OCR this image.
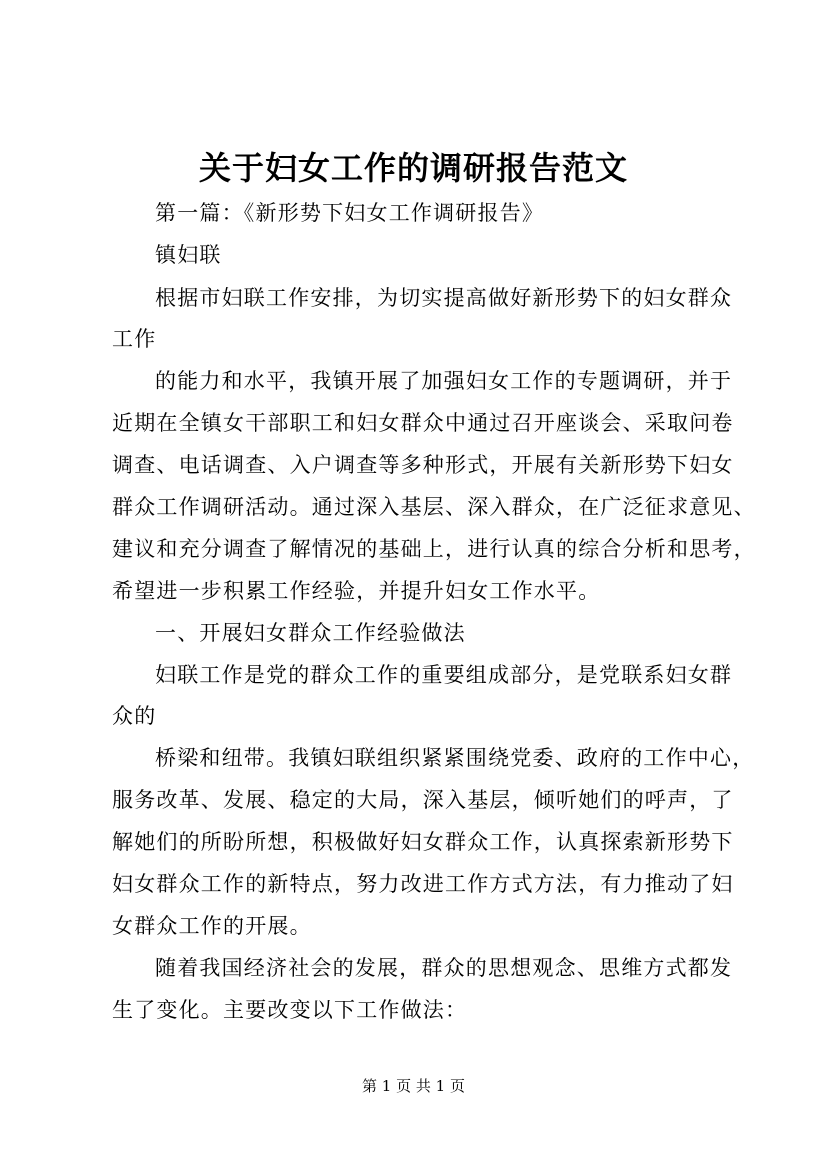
关于妇女工作的调研报告范文
第一篇：《新形势下妇女工作调研报告》
镇妇联
根据市妇联工作安排，为切实提高做好新形势下的妇女群众
工作
的能力和水平，我镇开展了加强妇女工作的专题调研，并于
近期在全镇女干部职工和妇女群众中通过召开座谈会、采取问卷
调查、电话调查、入户调查等多种形式，开展有关新形势下妇女
群众工作调研活动。通过深入基层、深入群众，在广泛征求意见、
建议和充分调查了解情况的基础上，进行认真的综合分析和思考，
希望进一步积累工作经验，并提升妇女工作水平。
一、开展妇女群众工作经验做法
妇联工作是党的群众工作的重要组成部分，是党联系妇女群
众的
桥梁和纽带。我镇妇联组织紧紧围绕党委、政府的工作中心，
服务改革、发展、稳定的大局，深入基层，倾听她们的呼声，了
解她们的所盼所想，积极做好妇女群众工作，认真探索新形势下
妇女群众工作的新特点，努力改进工作方式方法，有力推动了妇
女群众工作的开展。
随着我国经济社会的发展，群众的思想观念、思维方式都发
生了变化。主要改变以下工作做法：
第 1 页 共 1 页
